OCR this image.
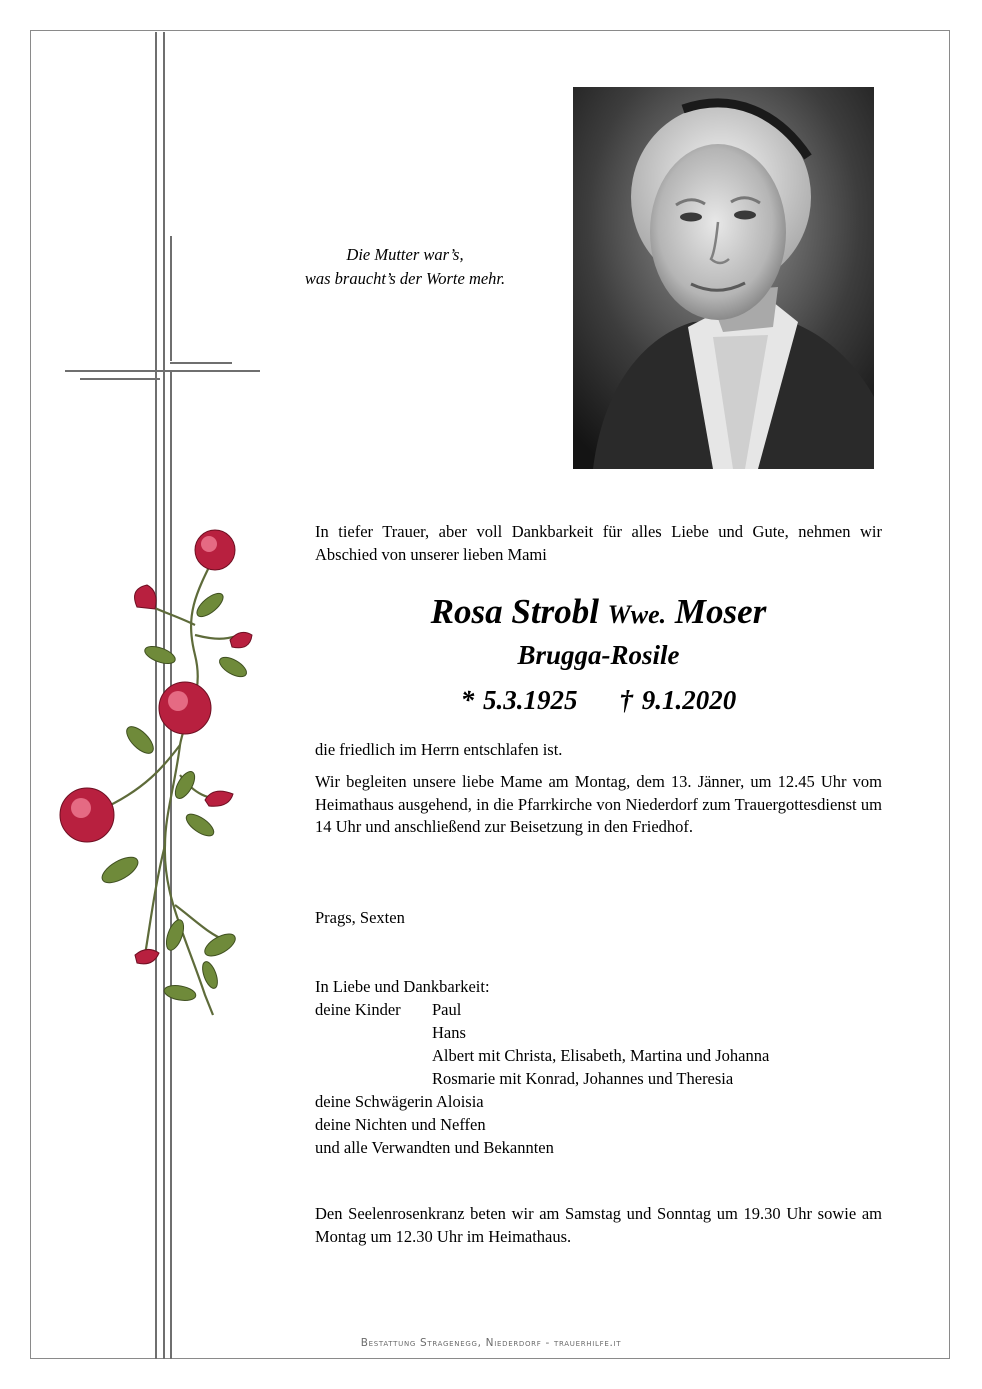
Die Mutter war’s,
was braucht’s der Worte mehr.
In tiefer Trauer, aber voll Dankbarkeit für alles Liebe und Gute, nehmen wir Abschied von unserer lieben Mami
Rosa Strobl Wwe. Moser
Brugga-Rosile
* 5.3.1925 † 9.1.2020
die friedlich im Herrn entschlafen ist.
Wir begleiten unsere liebe Mame am Montag, dem 13. Jänner, um 12.45 Uhr vom Heimathaus ausgehend, in die Pfarrkirche von Niederdorf zum Trauergottesdienst um 14 Uhr und anschließend zur Beisetzung in den Friedhof.
Prags, Sexten
In Liebe und Dankbarkeit:
deine Kinder	Paul
Hans
Albert mit Christa, Elisabeth, Martina und Johanna
Rosmarie mit Konrad, Johannes und Theresia
deine Schwägerin Aloisia
deine Nichten und Neffen
und alle Verwandten und Bekannten
Den Seelenrosenkranz beten wir am Samstag und Sonntag um 19.30 Uhr sowie am Montag um 12.30 Uhr im Heimathaus.
Bestattung Stragenegg, Niederdorf - trauerhilfe.it
